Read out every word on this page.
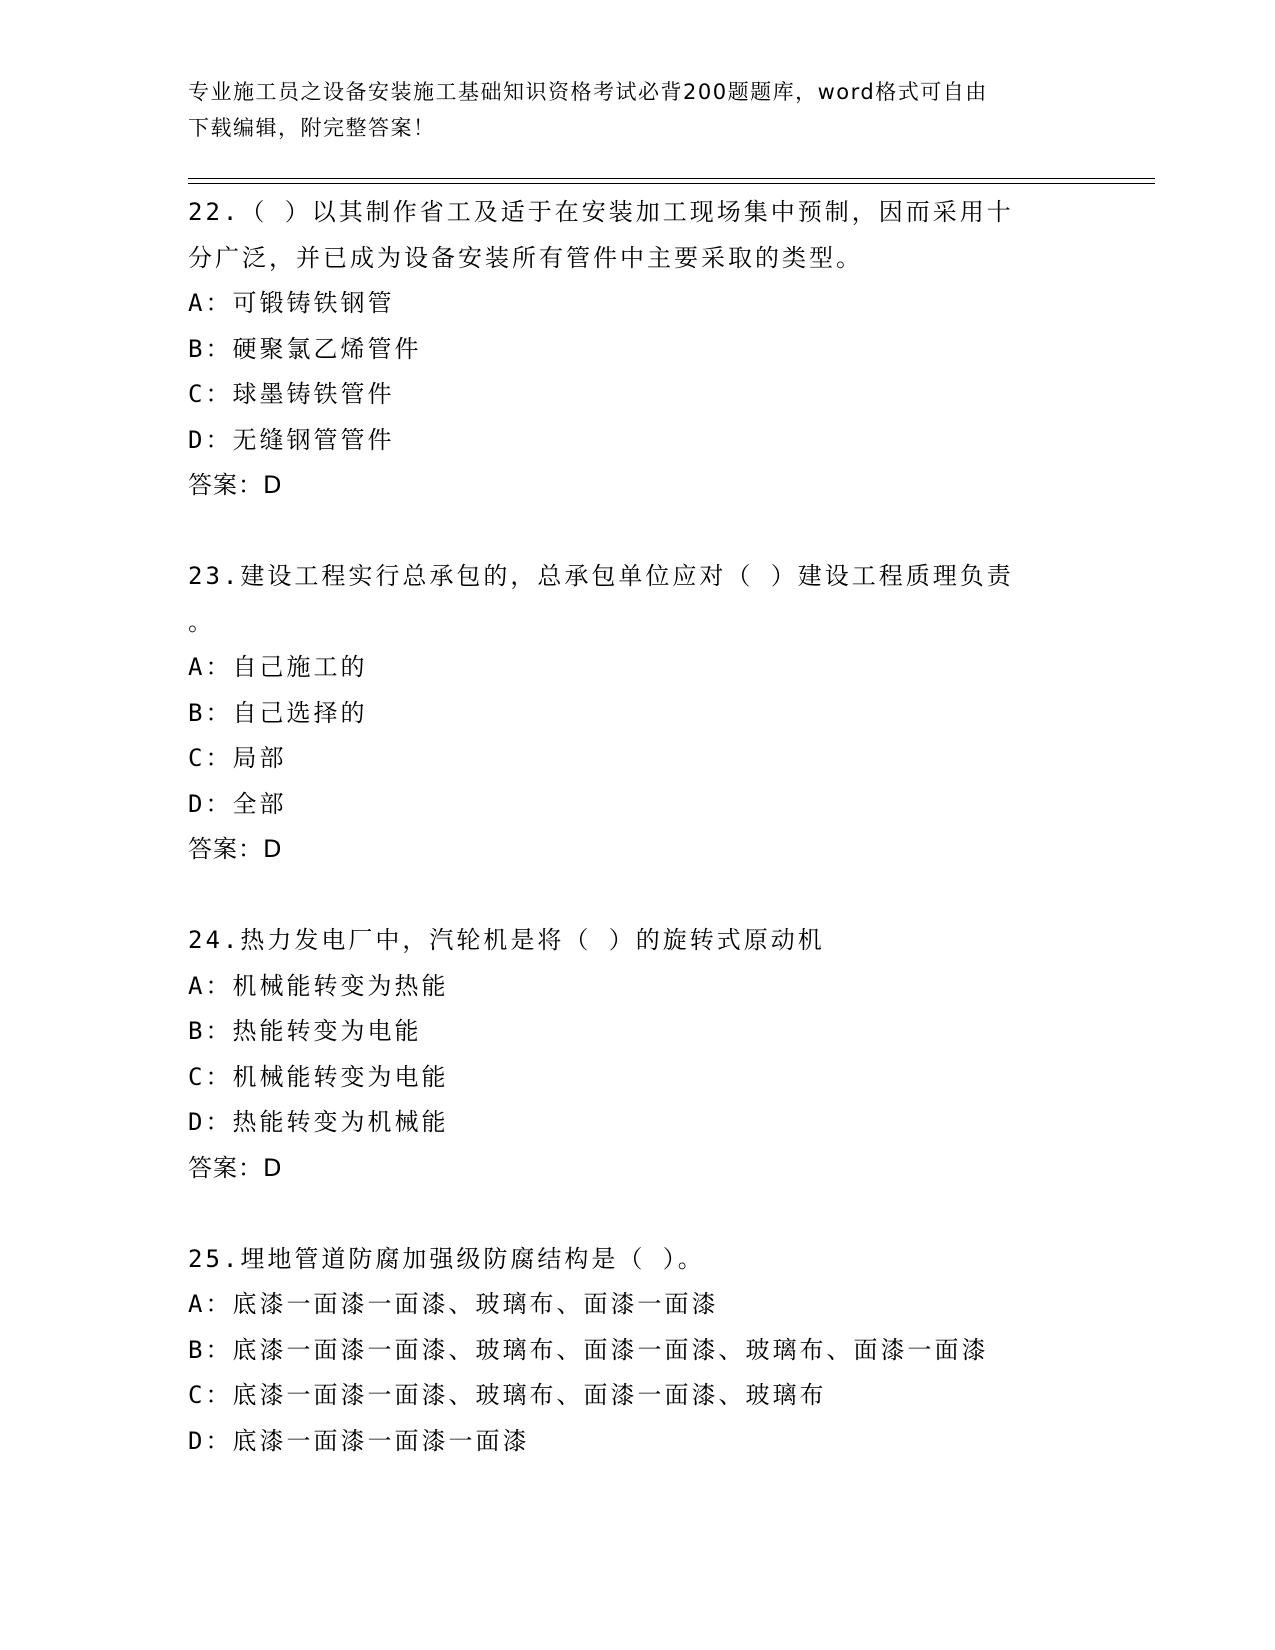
专业施工员之设备安装施工基础知识资格考试必背200题题库，word格式可自由
下载编辑，附完整答案！
22.（ ）以其制作省工及适于在安装加工现场集中预制，因而采用十
分广泛，并已成为设备安装所有管件中主要采取的类型。
A：可锻铸铁钢管
B：硬聚氯乙烯管件
C：球墨铸铁管件
D：无缝钢管管件
答案：D
23.建设工程实行总承包的，总承包单位应对（ ）建设工程质理负责
。
A：自己施工的
B：自己选择的
C：局部
D：全部
答案：D
24.热力发电厂中，汽轮机是将（ ）的旋转式原动机
A：机械能转变为热能
B：热能转变为电能
C：机械能转变为电能
D：热能转变为机械能
答案：D
25.埋地管道防腐加强级防腐结构是（ ）。
A：底漆一面漆一面漆、玻璃布、面漆一面漆
B：底漆一面漆一面漆、玻璃布、面漆一面漆、玻璃布、面漆一面漆
C：底漆一面漆一面漆、玻璃布、面漆一面漆、玻璃布
D：底漆一面漆一面漆一面漆
